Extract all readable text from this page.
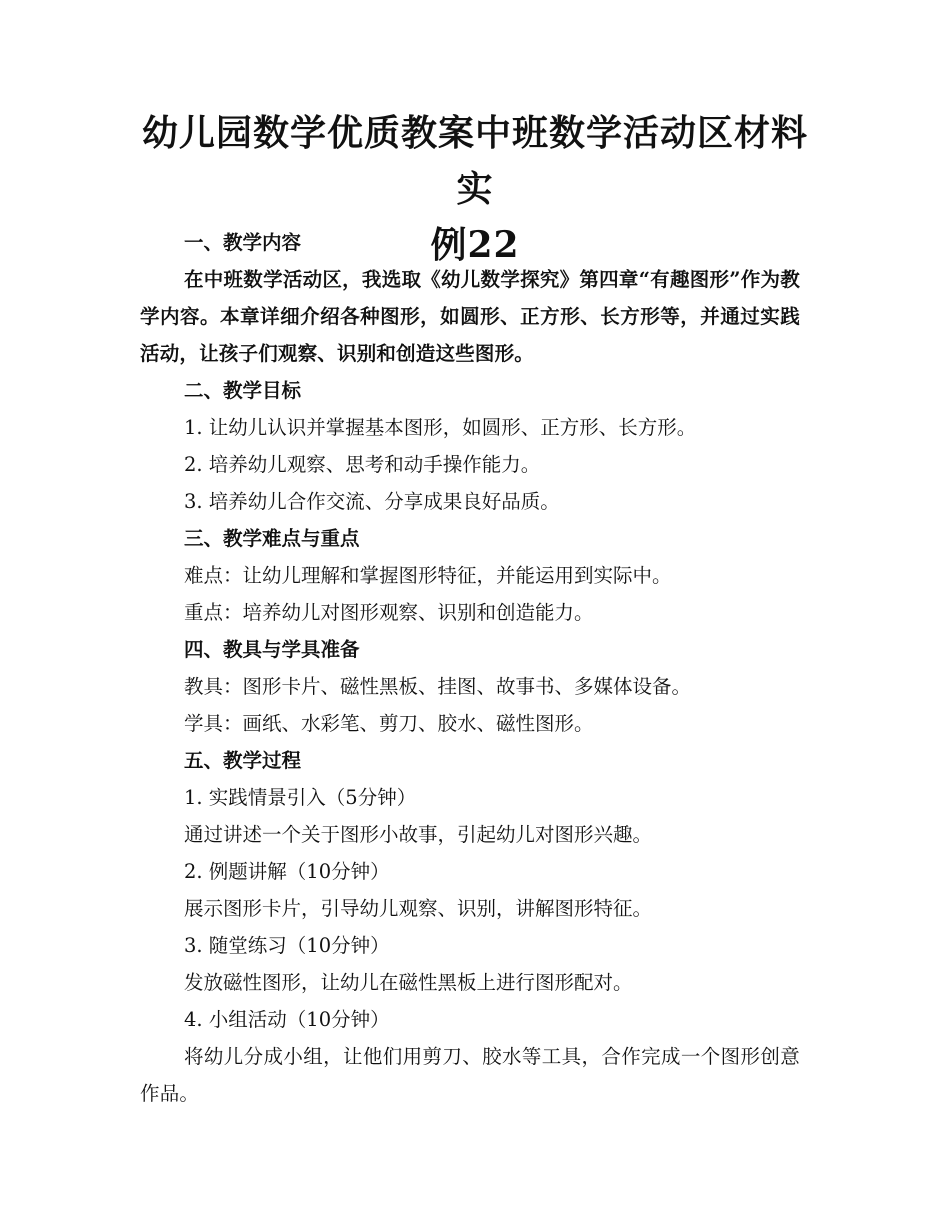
幼儿园数学优质教案中班数学活动区材料实
例22
一、教学内容
在中班数学活动区，我选取《幼儿数学探究》第四章“有趣图形”作为教学内容。本章详细介绍各种图形，如圆形、正方形、长方形等，并通过实践活动，让孩子们观察、识别和创造这些图形。
二、教学目标
1. 让幼儿认识并掌握基本图形，如圆形、正方形、长方形。
2. 培养幼儿观察、思考和动手操作能力。
3. 培养幼儿合作交流、分享成果良好品质。
三、教学难点与重点
难点：让幼儿理解和掌握图形特征，并能运用到实际中。
重点：培养幼儿对图形观察、识别和创造能力。
四、教具与学具准备
教具：图形卡片、磁性黑板、挂图、故事书、多媒体设备。
学具：画纸、水彩笔、剪刀、胶水、磁性图形。
五、教学过程
1. 实践情景引入（5分钟）
通过讲述一个关于图形小故事，引起幼儿对图形兴趣。
2. 例题讲解（10分钟）
展示图形卡片，引导幼儿观察、识别，讲解图形特征。
3. 随堂练习（10分钟）
发放磁性图形，让幼儿在磁性黑板上进行图形配对。
4. 小组活动（10分钟）
将幼儿分成小组，让他们用剪刀、胶水等工具，合作完成一个图形创意作品。
